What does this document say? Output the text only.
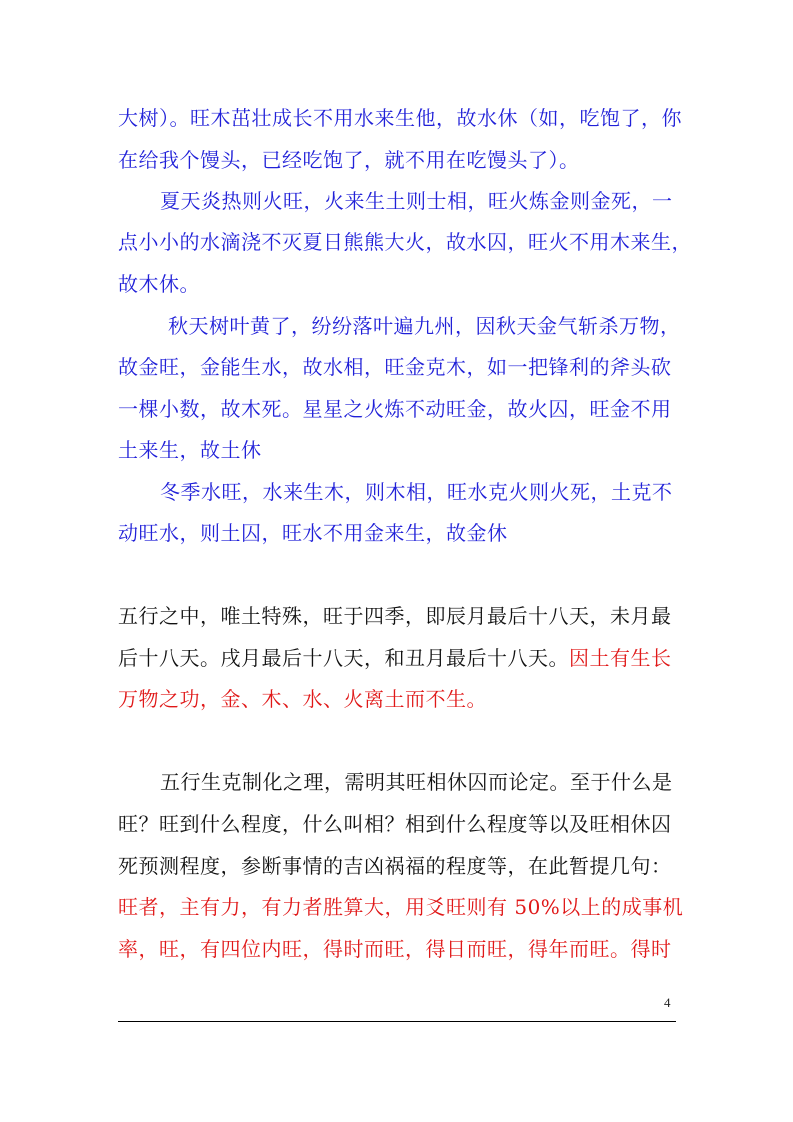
大树）。旺木茁壮成长不用水来生他，故水休（如，吃饱了，你
在给我个馒头，已经吃饱了，就不用在吃馒头了）。
夏天炎热则火旺，火来生土则士相，旺火炼金则金死，一
点小小的水滴浇不灭夏日熊熊大火，故水囚，旺火不用木来生，
故木休。
秋天树叶黄了，纷纷落叶遍九州，因秋天金气斩杀万物，
故金旺，金能生水，故水相，旺金克木，如一把锋利的斧头砍
一棵小数，故木死。星星之火炼不动旺金，故火囚，旺金不用
土来生，故土休
冬季水旺，水来生木，则木相，旺水克火则火死，土克不
动旺水，则土囚，旺水不用金来生，故金休
五行之中，唯土特殊，旺于四季，即辰月最后十八天，未月最
后十八天。戌月最后十八天，和丑月最后十八天。因土有生长
万物之功，金、木、水、火离土而不生。
五行生克制化之理，需明其旺相休囚而论定。至于什么是
旺？旺到什么程度，什么叫相？相到什么程度等以及旺相休囚
死预测程度，参断事情的吉凶祸福的程度等，在此暂提几句：
旺者，主有力，有力者胜算大，用爻旺则有 50%以上的成事机
率，旺，有四位内旺，得时而旺，得日而旺，得年而旺。得时
4
